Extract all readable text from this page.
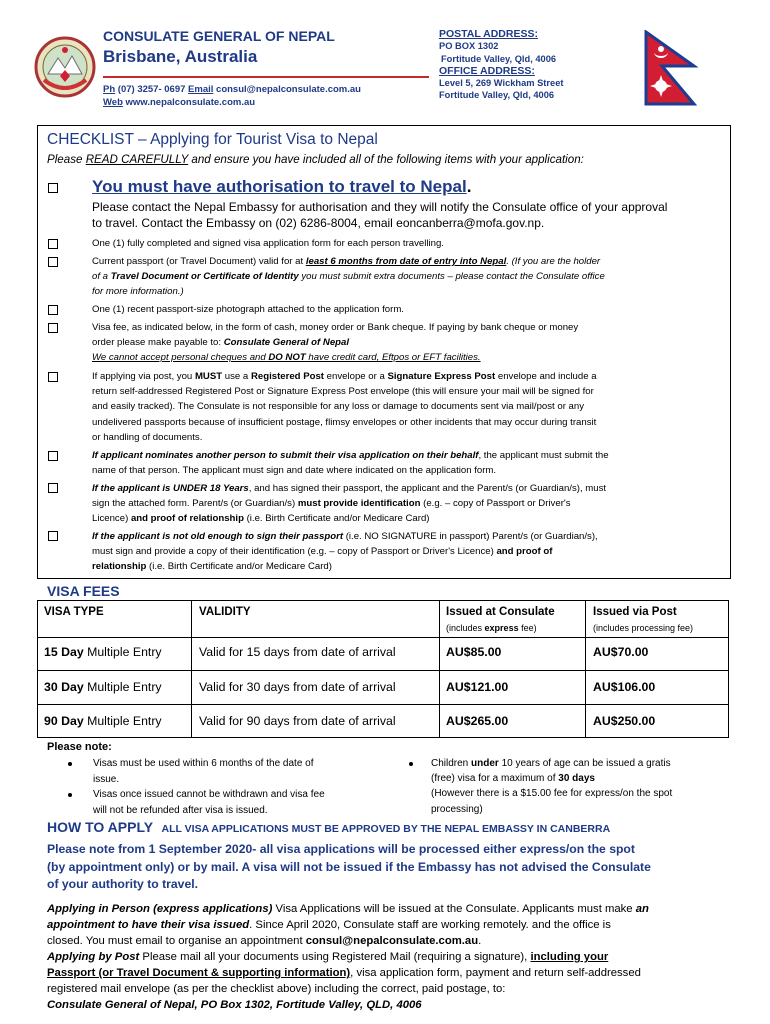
CONSULATE GENERAL OF NEPAL
Brisbane, Australia
Ph (07) 3257- 0697 Email consul@nepalconsulate.com.au
Web www.nepalconsulate.com.au
POSTAL ADDRESS:
PO BOX 1302
Fortitude Valley, Qld, 4006
OFFICE ADDRESS:
Level 5, 269 Wickham Street
Fortitude Valley, Qld, 4006
CHECKLIST – Applying for Tourist Visa to Nepal
Please READ CAREFULLY and ensure you have included all of the following items with your application:
You must have authorisation to travel to Nepal.
Please contact the Nepal Embassy for authorisation and they will notify the Consulate office of your approval
to travel. Contact the Embassy on (02) 6286-8004, email eoncanberra@mofa.gov.np.
One (1) fully completed and signed visa application form for each person travelling.
Current passport (or Travel Document) valid for at least 6 months from date of entry into Nepal. (If you are the holder
of a Travel Document or Certificate of Identity you must submit extra documents – please contact the Consulate office
for more information.)
One (1) recent passport-size photograph attached to the application form.
Visa fee, as indicated below, in the form of cash, money order or Bank cheque. If paying by bank cheque or money
order please make payable to: Consulate General of Nepal
We cannot accept personal cheques and DO NOT have credit card, Eftpos or EFT facilities.
If applying via post, you MUST use a Registered Post envelope or a Signature Express Post envelope and include a
return self-addressed Registered Post or Signature Express Post envelope (this will ensure your mail will be signed for
and easily tracked). The Consulate is not responsible for any loss or damage to documents sent via mail/post or any
undelivered passports because of insufficient postage, flimsy envelopes or other incidents that may occur during transit
or handling of documents.
If applicant nominates another person to submit their visa application on their behalf, the applicant must submit the
name of that person. The applicant must sign and date where indicated on the application form.
If the applicant is UNDER 18 Years, and has signed their passport, the applicant and the Parent/s (or Guardian/s), must
sign the attached form. Parent/s (or Guardian/s) must provide identification (e.g. – copy of Passport or Driver's
Licence) and proof of relationship (i.e. Birth Certificate and/or Medicare Card)
If the applicant is not old enough to sign their passport (i.e. NO SIGNATURE in passport) Parent/s (or Guardian/s),
must sign and provide a copy of their identification (e.g. – copy of Passport or Driver's Licence) and proof of
relationship (i.e. Birth Certificate and/or Medicare Card)
VISA FEES
VISA TYPE	VALIDITY	Issued at Consulate	Issued via Post
(includes express fee)	(includes processing fee)
15 Day Multiple Entry	Valid for 15 days from date of arrival	AU$85.00	AU$70.00
30 Day Multiple Entry	Valid for 30 days from date of arrival	AU$121.00	AU$106.00
90 Day Multiple Entry	Valid for 90 days from date of arrival	AU$265.00	AU$250.00
Please note:
Visas must be used within 6 months of the date of
issue.
Visas once issued cannot be withdrawn and visa fee
will not be refunded after visa is issued.
Children under 10 years of age can be issued a gratis
(free) visa for a maximum of 30 days
(However there is a $15.00 fee for express/on the spot
processing)
HOW TO APPLY ALL VISA APPLICATIONS MUST BE APPROVED BY THE NEPAL EMBASSY IN CANBERRA
Please note from 1 September 2020- all visa applications will be processed either express/on the spot
(by appointment only) or by mail. A visa will not be issued if the Embassy has not advised the Consulate
of your authority to travel.
Applying in Person (express applications) Visa Applications will be issued at the Consulate. Applicants must make an
appointment to have their visa issued. Since April 2020, Consulate staff are working remotely. and the office is
closed. You must email to organise an appointment consul@nepalconsulate.com.au.
Applying by Post Please mail all your documents using Registered Mail (requiring a signature), including your
Passport (or Travel Document & supporting information), visa application form, payment and return self-addressed
registered mail envelope (as per the checklist above) including the correct, paid postage, to:
Consulate General of Nepal, PO Box 1302, Fortitude Valley, QLD, 4006
